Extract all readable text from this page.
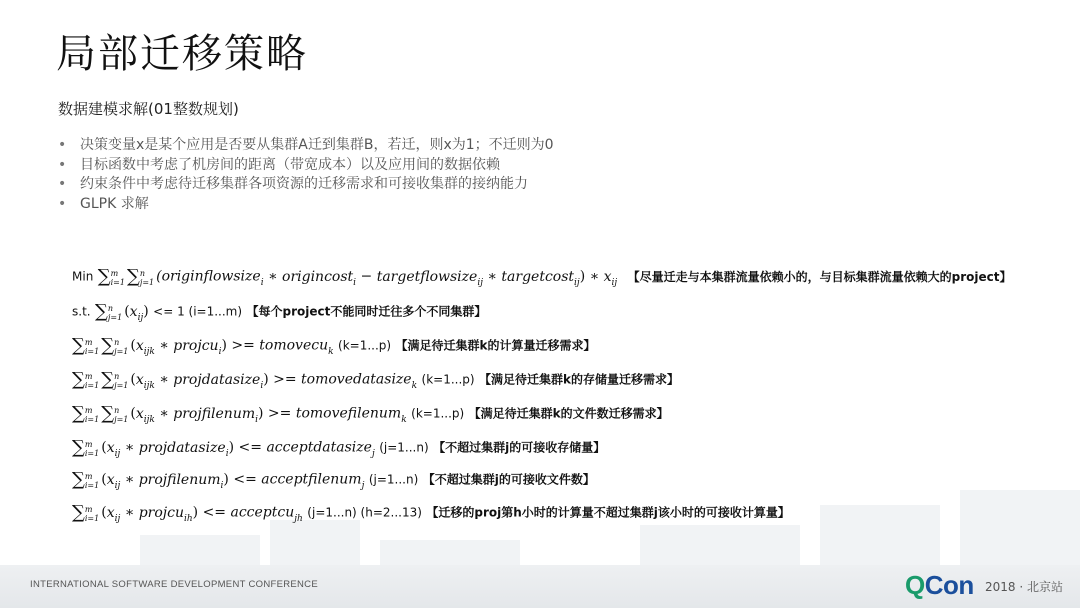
局部迁移策略
数据建模求解(01整数规划)
• 决策变量x是某个应用是否要从集群A迁到集群B，若迁，则x为1；不迁则为0
• 目标函数中考虑了机房间的距离（带宽成本）以及应用间的数据依赖
• 约束条件中考虑待迁移集群各项资源的迁移需求和可接收集群的接纳能力
• GLPK 求解
Min ∑m
i=1 ∑n
j=1 (originflowsize$_i$ ∗ origincost$_i$ − targetflowsize$_{ij}$ ∗ targetcost$_{ij}$) ∗ $x_{ij}$ 【尽量迁走与本集群流量依赖小的，与目标集群流量依赖大的project】
s.t. ∑n
j=1 $(x_{ij}) <= 1$ (i=1...m) 【每个project不能同时迁往多个不同集群】
∑m
i=1 ∑n
j=1 ($x_{ijk}$ ∗ projcu$_i$) >= tomovecu$_k$ (k=1...p) 【满足待迁集群k的计算量迁移需求】
∑m
i=1 ∑n
j=1 ($x_{ijk}$ ∗ projdatasize$_i$) >= tomovedatasize$_k$ (k=1...p) 【满足待迁集群k的存储量迁移需求】
∑m
i=1 ∑n
j=1 ($x_{ijk}$ ∗ projfilenum$_i$) >= tomovefilenum$_k$ (k=1...p) 【满足待迁集群k的文件数迁移需求】
∑m
i=1 ($x_{ij}$ ∗ projdatasize$_i$) <= acceptdatasize$_j$ (j=1...n) 【不超过集群j的可接收存储量】
∑m
i=1 ($x_{ij}$ ∗ projfilenum$_i$) <= acceptfilenum$_j$ (j=1...n) 【不超过集群j的可接收文件数】
∑m
i=1 ($x_{ij}$ ∗ projcu$_{ih}$) <= acceptcu$_{jh}$ (j=1...n) (h=2...13) 【迁移的proj第h小时的计算量不超过集群j该小时的可接收计算量】
INTERNATIONAL SOFTWARE DEVELOPMENT CONFERENCE	QCon 2018 · 北京站
